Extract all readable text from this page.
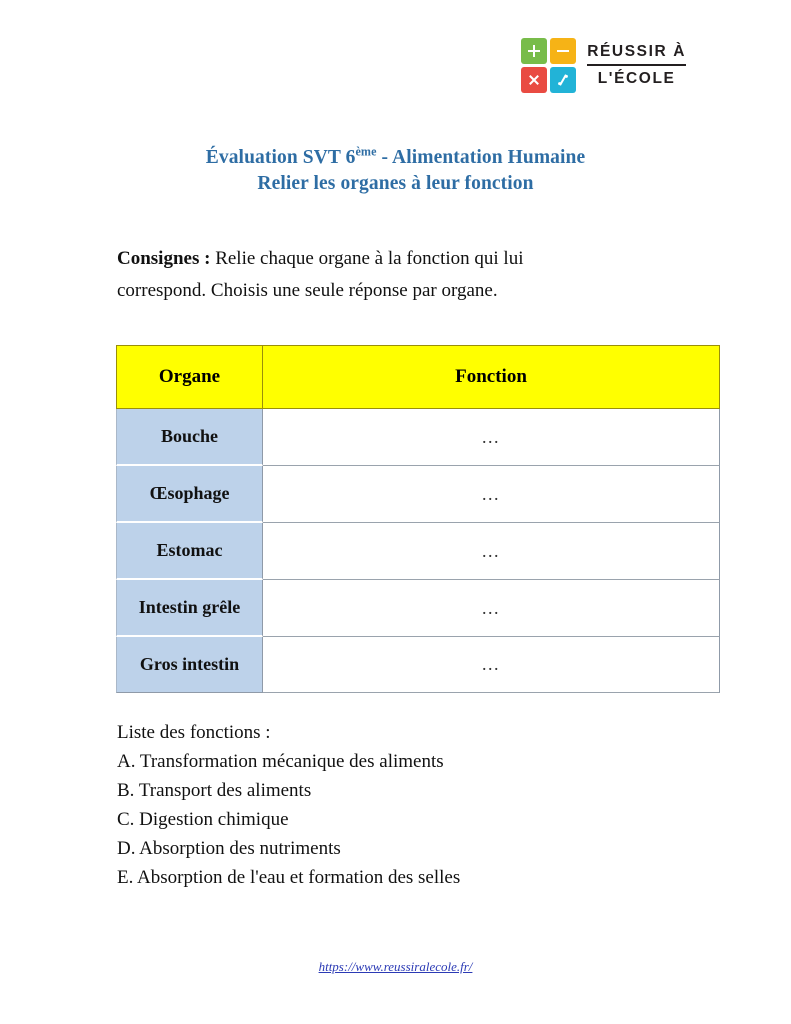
RÉUSSIR À
L'ÉCOLE
Évaluation SVT 6ème - Alimentation Humaine
Relier les organes à leur fonction
Consignes : Relie chaque organe à la fonction qui lui correspond. Choisis une seule réponse par organe.
Organe	Fonction
Bouche	...
Œsophage	...
Estomac	...
Intestin grêle	...
Gros intestin	...
Liste des fonctions :
A. Transformation mécanique des aliments
B. Transport des aliments
C. Digestion chimique
D. Absorption des nutriments
E. Absorption de l'eau et formation des selles
https://www.reussiralecole.fr/
